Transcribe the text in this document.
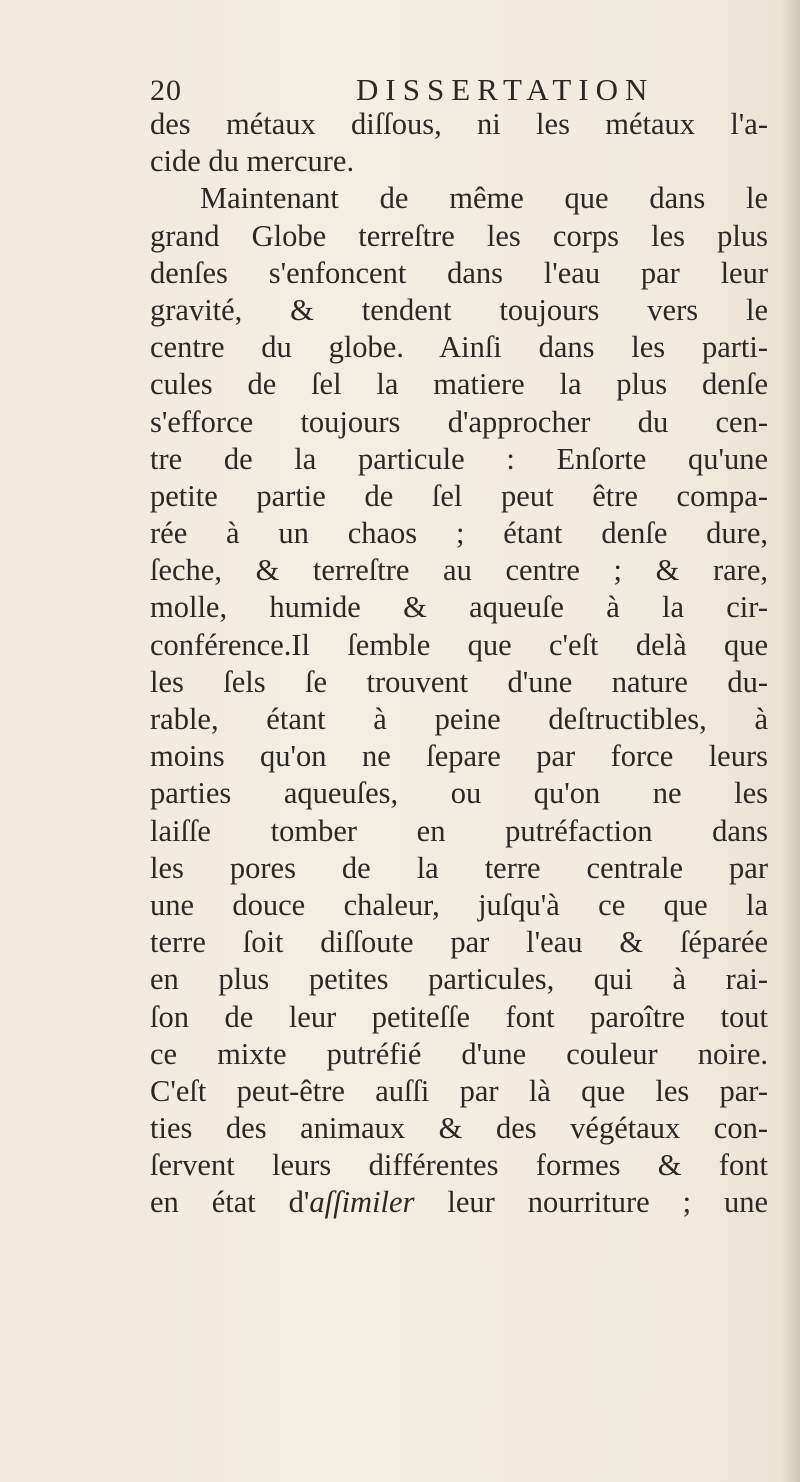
20	DISSERTATION
des métaux diſſous, ni les métaux l'a-
cide du mercure.
Maintenant de même que dans le
grand Globe terreſtre les corps les plus
denſes s'enfoncent dans l'eau par leur
gravité, & tendent toujours vers le
centre du globe. Ainſi dans les parti-
cules de ſel la matiere la plus denſe
s'efforce toujours d'approcher du cen-
tre de la particule : Enſorte qu'une
petite partie de ſel peut être compa-
rée à un chaos ; étant denſe dure,
ſeche, & terreſtre au centre ; & rare,
molle, humide & aqueuſe à la cir-
conférence.Il ſemble que c'eſt delà que
les ſels ſe trouvent d'une nature du-
rable, étant à peine deſtructibles, à
moins qu'on ne ſepare par force leurs
parties aqueuſes, ou qu'on ne les
laiſſe tomber en putréfaction dans
les pores de la terre centrale par
une douce chaleur, juſqu'à ce que la
terre ſoit diſſoute par l'eau & ſéparée
en plus petites particules, qui à rai-
ſon de leur petiteſſe font paroître tout
ce mixte putréfié d'une couleur noire.
C'eſt peut-être auſſi par là que les par-
ties des animaux & des végétaux con-
ſervent leurs différentes formes & font
en état d'aſſimiler leur nourriture ; une
